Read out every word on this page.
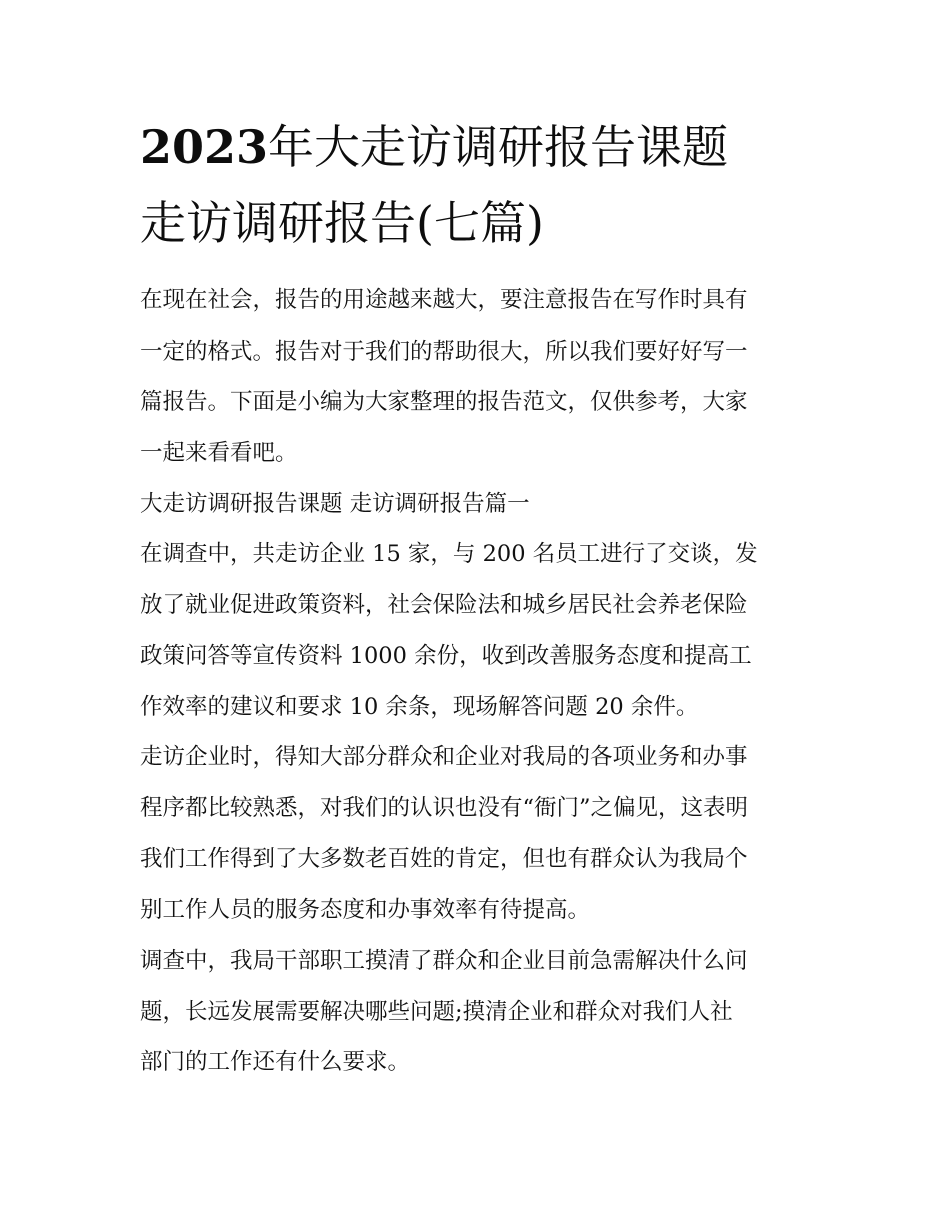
2023年大走访调研报告课题
走访调研报告(七篇)

在现在社会，报告的用途越来越大，要注意报告在写作时具有

一定的格式。报告对于我们的帮助很大，所以我们要好好写一

篇报告。下面是小编为大家整理的报告范文，仅供参考，大家

一起来看看吧。

大走访调研报告课题 走访调研报告篇一

在调查中，共走访企业 15 家，与 200 名员工进行了交谈，发

放了就业促进政策资料，社会保险法和城乡居民社会养老保险

政策问答等宣传资料 1000 余份，收到改善服务态度和提高工

作效率的建议和要求 10 余条，现场解答问题 20 余件。

走访企业时，得知大部分群众和企业对我局的各项业务和办事

程序都比较熟悉，对我们的认识也没有“衙门”之偏见，这表明

我们工作得到了大多数老百姓的肯定，但也有群众认为我局个

别工作人员的服务态度和办事效率有待提高。

调查中，我局干部职工摸清了群众和企业目前急需解决什么问

题，长远发展需要解决哪些问题;摸清企业和群众对我们人社

部门的工作还有什么要求。
